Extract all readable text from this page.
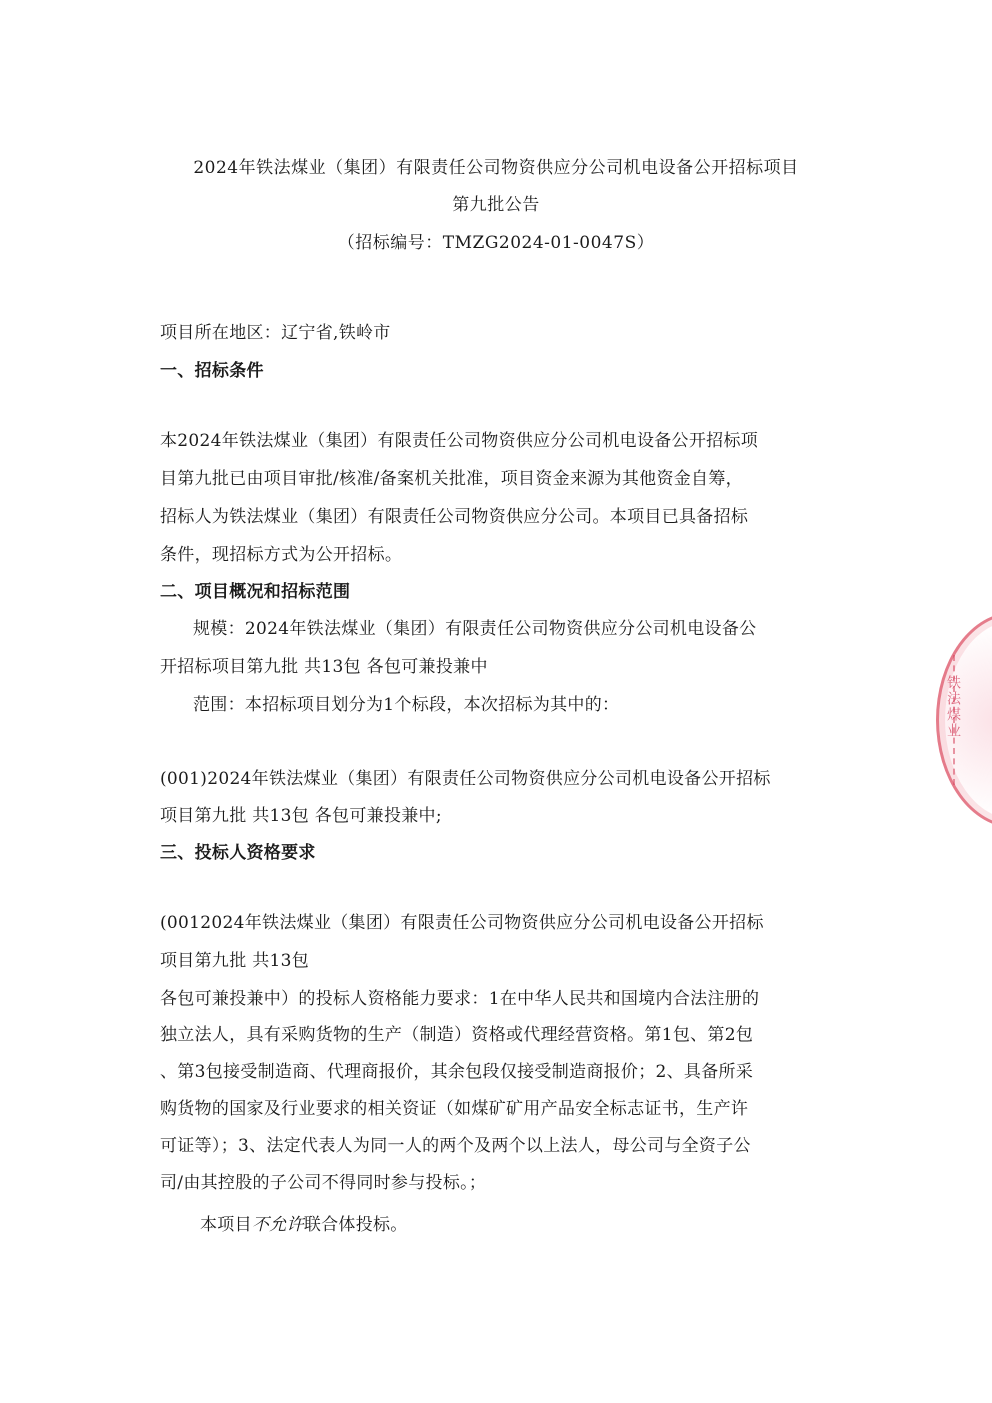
2024年铁法煤业（集团）有限责任公司物资供应分公司机电设备公开招标项目
第九批公告
（招标编号：TMZG2024-01-0047S）
项目所在地区：辽宁省,铁岭市
一、招标条件
本2024年铁法煤业（集团）有限责任公司物资供应分公司机电设备公开招标项
目第九批已由项目审批/核准/备案机关批准，项目资金来源为其他资金自筹，
招标人为铁法煤业（集团）有限责任公司物资供应分公司。本项目已具备招标
条件，现招标方式为公开招标。
二、项目概况和招标范围
规模：2024年铁法煤业（集团）有限责任公司物资供应分公司机电设备公
开招标项目第九批 共13包 各包可兼投兼中
范围：本招标项目划分为1个标段，本次招标为其中的：
(001)2024年铁法煤业（集团）有限责任公司物资供应分公司机电设备公开招标
项目第九批 共13包 各包可兼投兼中;
三、投标人资格要求
(0012024年铁法煤业（集团）有限责任公司物资供应分公司机电设备公开招标
项目第九批 共13包
各包可兼投兼中）的投标人资格能力要求：1在中华人民共和国境内合法注册的
独立法人，具有采购货物的生产（制造）资格或代理经营资格。第1包、第2包
、第3包接受制造商、代理商报价，其余包段仅接受制造商报价；2、具备所采
购货物的国家及行业要求的相关资证（如煤矿矿用产品安全标志证书，生产许
可证等）；3、法定代表人为同一人的两个及两个以上法人，母公司与全资子公
司/由其控股的子公司不得同时参与投标。；
本项目不允许联合体投标。
铁法煤业
